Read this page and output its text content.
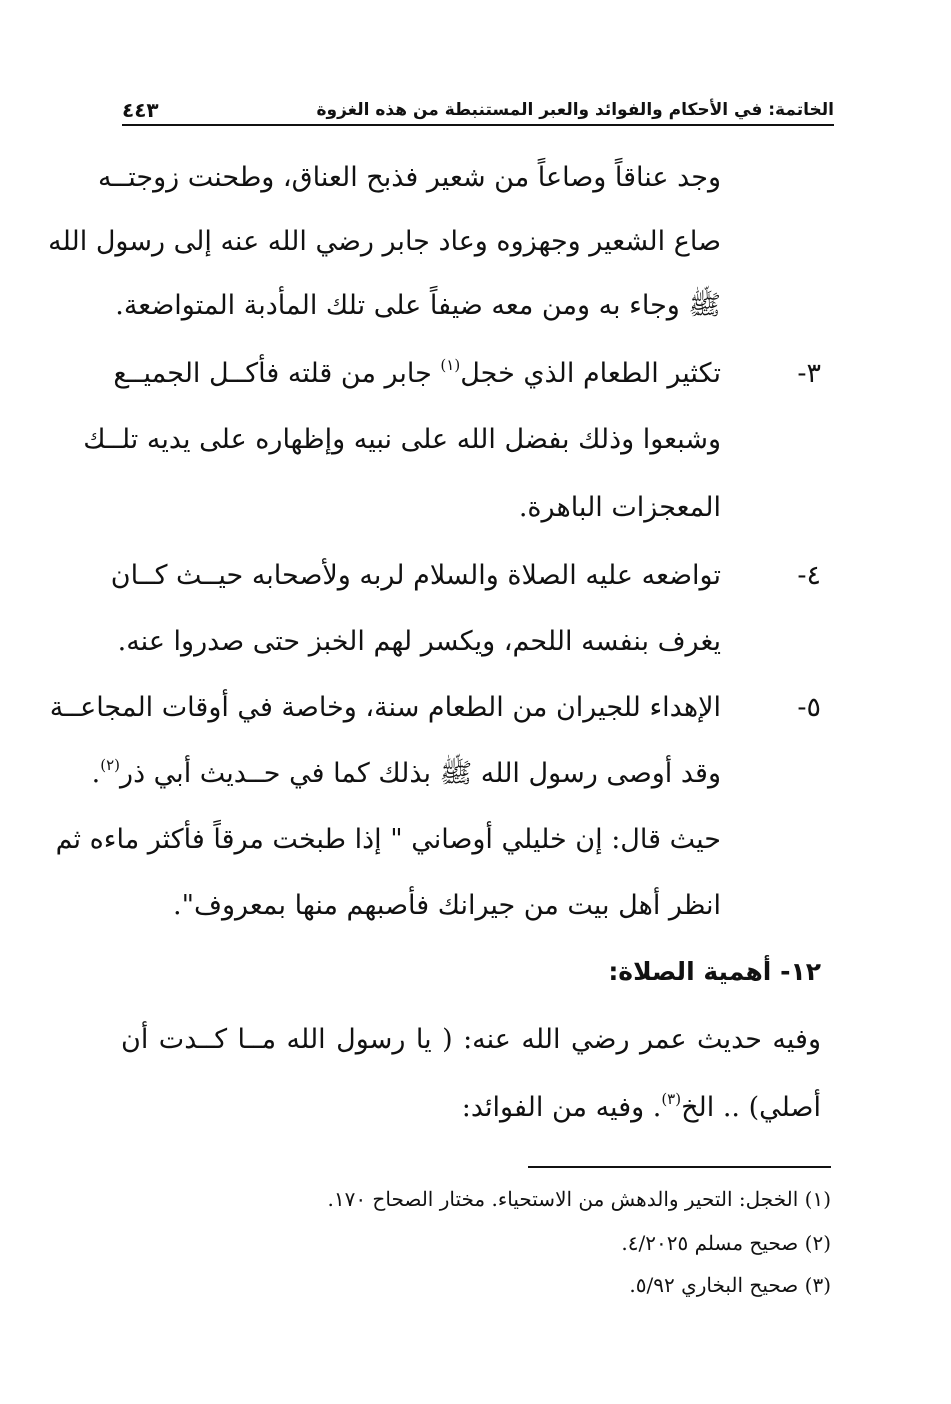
الخاتمة: في الأحكام والفوائد والعبر المستنبطة من هذه الغزوة
٤٤٣
وجد عناقاً وصاعاً من شعير فذبح العناق، وطحنت زوجتــه
صاع الشعير وجهزوه وعاد جابر رضي الله عنه إلى رسول الله
ﷺ وجاء به ومن معه ضيفاً على تلك المأدبة المتواضعة.
٣-
تكثير الطعام الذي خجل$^{(١)}$ جابر من قلته فأكــل الجميــع
وشبعوا وذلك بفضل الله على نبيه وإظهاره على يديه تلــك
المعجزات الباهرة.
٤-
تواضعه عليه الصلاة والسلام لربه ولأصحابه حيــث كــان
يغرف بنفسه اللحم، ويكسر لهم الخبز حتى صدروا عنه.
٥-
الإهداء للجيران من الطعام سنة، وخاصة في أوقات المجاعــة
وقد أوصى رسول الله ﷺ بذلك كما في حــديث أبي ذر$^{(٢)}$.
حيث قال: إن خليلي أوصاني " إذا طبخت مرقاً فأكثر ماءه ثم
انظر أهل بيت من جيرانك فأصبهم منها بمعروف".
١٢- أهمية الصلاة:
وفيه حديث عمر رضي الله عنه: ( يا رسول الله مــا كــدت أن
أصلي) .. الخ$^{(٣)}$. وفيه من الفوائد:
(١) الخجل: التحير والدهش من الاستحياء. مختار الصحاح ١٧٠.
(٢) صحيح مسلم ٤/٢٠٢٥.
(٣) صحيح البخاري ٥/٩٢.
